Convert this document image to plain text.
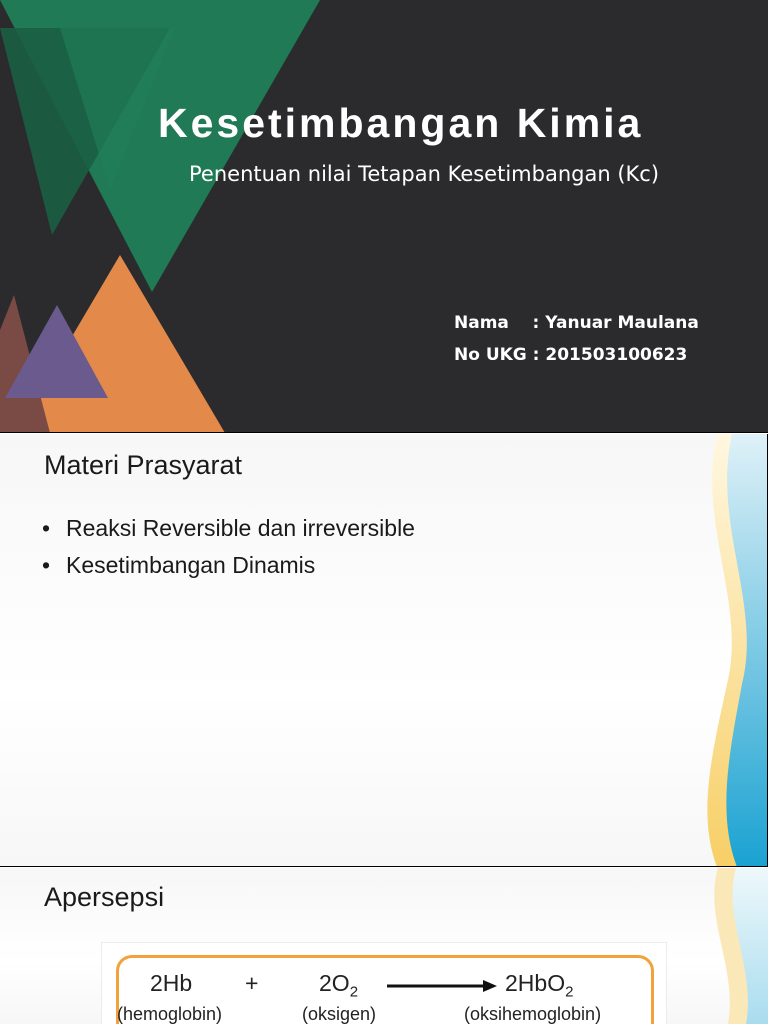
Kesetimbangan Kimia
Penentuan nilai Tetapan Kesetimbangan (Kc)
Nama    : Yanuar Maulana
No UKG : 201503100623
Materi Prasyarat
• Reaksi Reversible dan irreversible
• Kesetimbangan Dinamis
Apersepsi
2Hb +	$2O_2$	2HbO$_2$
(hemoglobin)	(oksigen)	(oksihemoglobin)
